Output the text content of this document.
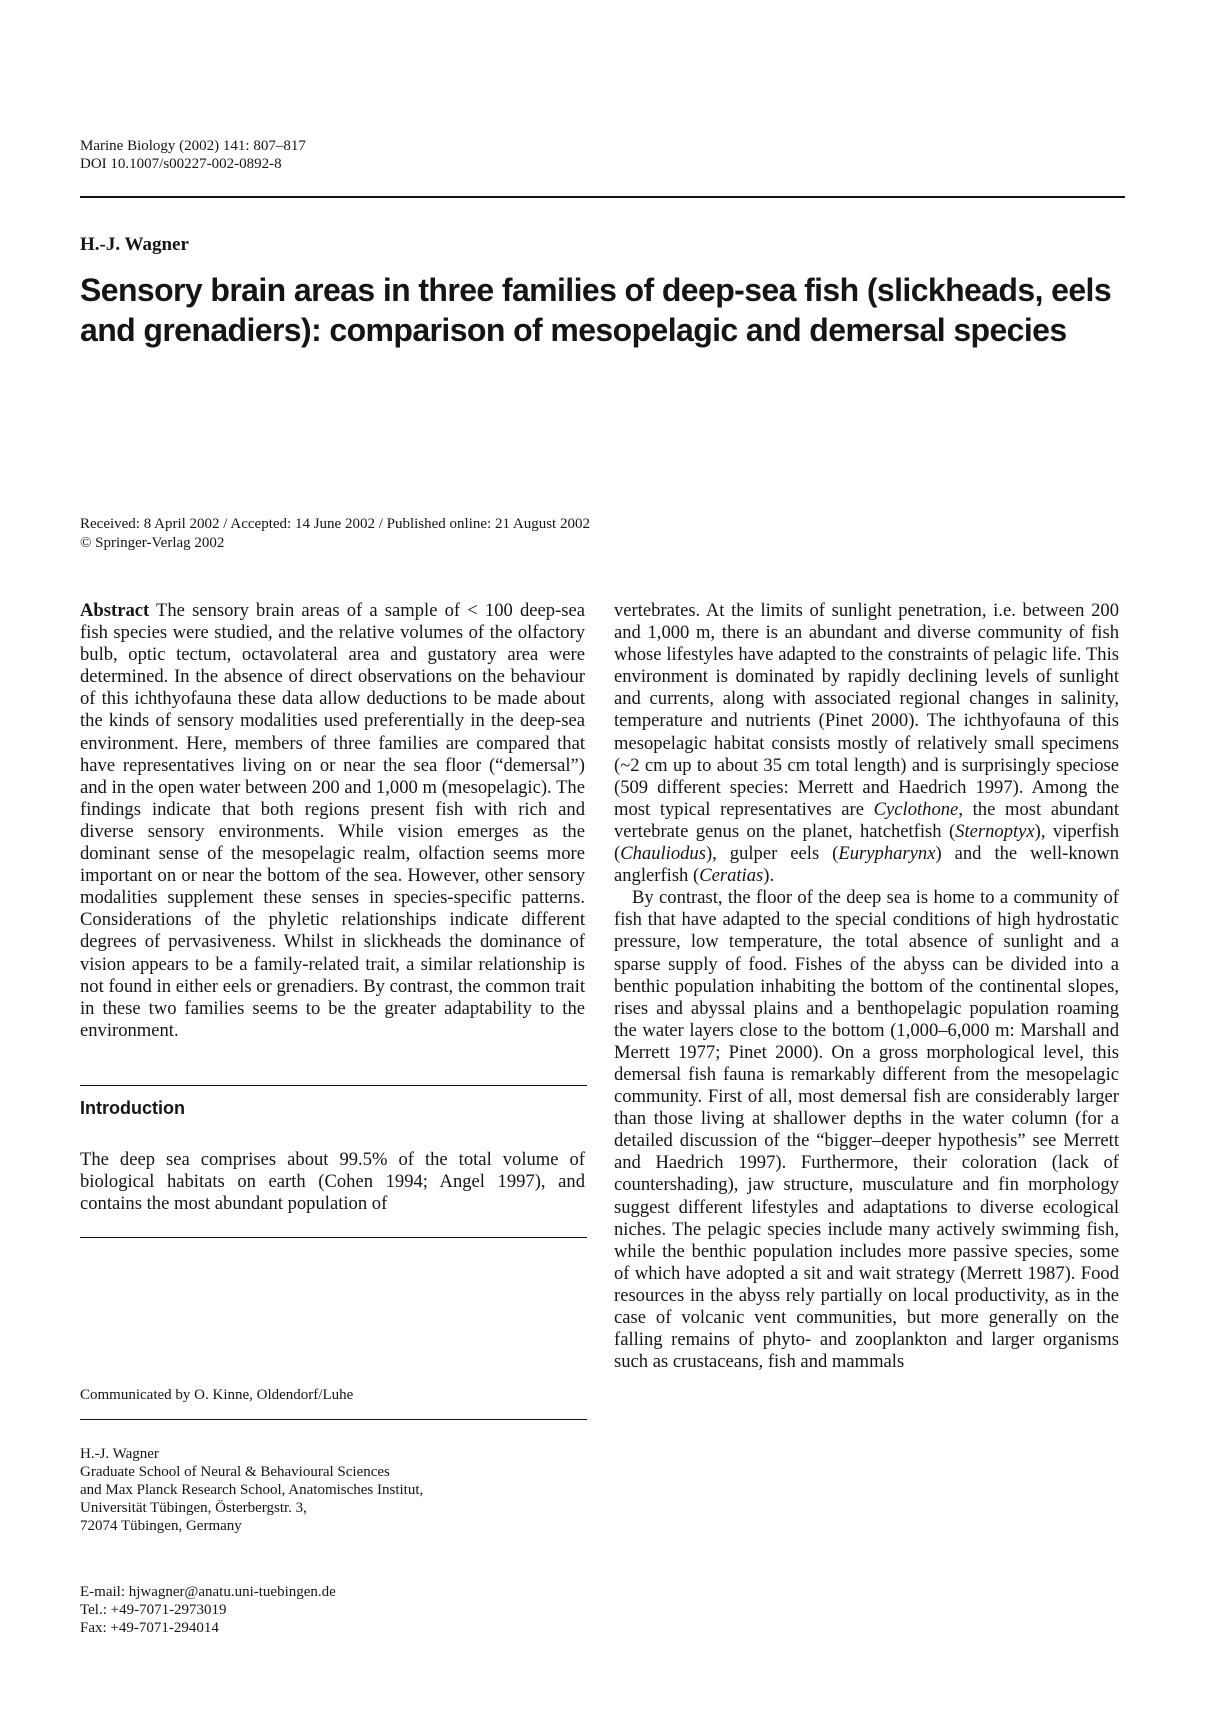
Marine Biology (2002) 141: 807–817
DOI 10.1007/s00227-002-0892-8
H.-J. Wagner
Sensory brain areas in three families of deep-sea fish (slickheads, eels and grenadiers): comparison of mesopelagic and demersal species
Received: 8 April 2002 / Accepted: 14 June 2002 / Published online: 21 August 2002
© Springer-Verlag 2002

Abstract The sensory brain areas of a sample of < 100 deep-sea fish species were studied, and the relative volumes of the olfactory bulb, optic tectum, octavolateral area and gustatory area were determined. In the absence of direct observations on the behaviour of this ichthyofauna these data allow deductions to be made about the kinds of sensory modalities used preferentially in the deep-sea environment. Here, members of three families are compared that have representatives living on or near the sea floor (“demersal”) and in the open water between 200 and 1,000 m (mesopelagic). The findings indicate that both regions present fish with rich and diverse sensory environments. While vision emerges as the dominant sense of the mesopelagic realm, olfaction seems more important on or near the bottom of the sea. However, other sensory modalities supplement these senses in species-specific patterns. Considerations of the phyletic relationships indicate different degrees of pervasiveness. Whilst in slickheads the dominance of vision appears to be a family-related trait, a similar relationship is not found in either eels or grenadiers. By contrast, the common trait in these two families seems to be the greater adaptability to the environment.

Introduction

The deep sea comprises about 99.5% of the total volume of biological habitats on earth (Cohen 1994; Angel 1997), and contains the most abundant population of

Communicated by O. Kinne, Oldendorf/Luhe
H.-J. Wagner
Graduate School of Neural & Behavioural Sciences
and Max Planck Research School, Anatomisches Institut,
Universität Tübingen, Österbergstr. 3,
72074 Tübingen, Germany
E-mail: hjwagner@anatu.uni-tuebingen.de
Tel.: +49-7071-2973019
Fax: +49-7071-294014

vertebrates. At the limits of sunlight penetration, i.e. between 200 and 1,000 m, there is an abundant and diverse community of fish whose lifestyles have adapted to the constraints of pelagic life. This environment is dominated by rapidly declining levels of sunlight and currents, along with associated regional changes in salinity, temperature and nutrients (Pinet 2000). The ichthyofauna of this mesopelagic habitat consists mostly of relatively small specimens (~2 cm up to about 35 cm total length) and is surprisingly speciose (509 different species: Merrett and Haedrich 1997). Among the most typical representatives are Cyclothone, the most abundant vertebrate genus on the planet, hatchetfish (Sternoptyx), viperfish (Chauliodus), gulper eels (Eurypharynx) and the well-known anglerfish (Ceratias).

By contrast, the floor of the deep sea is home to a community of fish that have adapted to the special conditions of high hydrostatic pressure, low temperature, the total absence of sunlight and a sparse supply of food. Fishes of the abyss can be divided into a benthic population inhabiting the bottom of the continental slopes, rises and abyssal plains and a benthopelagic population roaming the water layers close to the bottom (1,000–6,000 m: Marshall and Merrett 1977; Pinet 2000). On a gross morphological level, this demersal fish fauna is remarkably different from the mesopelagic community. First of all, most demersal fish are considerably larger than those living at shallower depths in the water column (for a detailed discussion of the “bigger–deeper hypothesis” see Merrett and Haedrich 1997). Furthermore, their coloration (lack of countershading), jaw structure, musculature and fin morphology suggest different lifestyles and adaptations to diverse ecological niches. The pelagic species include many actively swimming fish, while the benthic population includes more passive species, some of which have adopted a sit and wait strategy (Merrett 1987). Food resources in the abyss rely partially on local productivity, as in the case of volcanic vent communities, but more generally on the falling remains of phyto- and zooplankton and larger organisms such as crustaceans, fish and mammals
